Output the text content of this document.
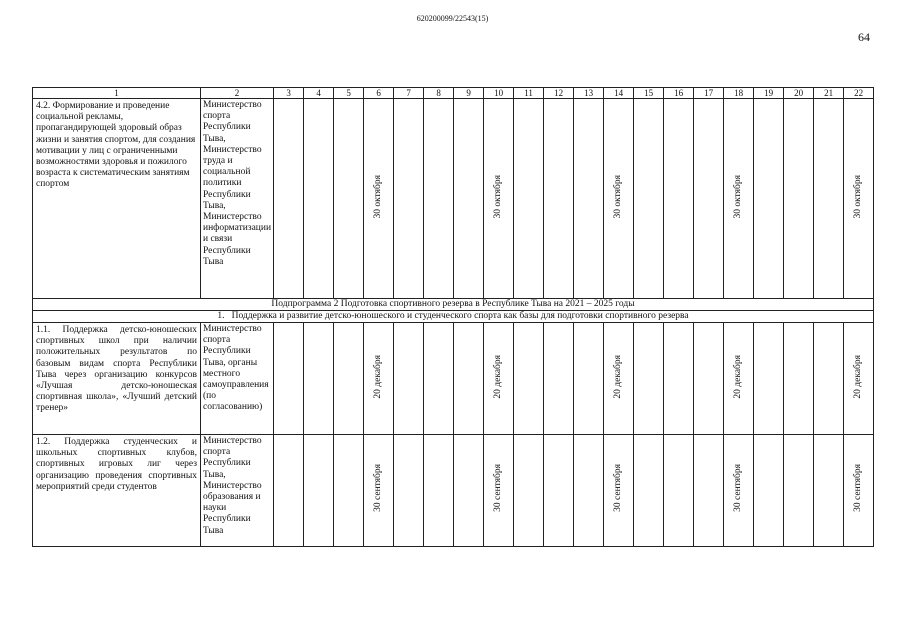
620200099/22543(15)
64
1	2	3	4	5	6	7	8	9	10	11	12	13	14	15	16	17	18	19	20	21	22
4.2. Формирование и проведение социальной рекламы, пропагандирующей здоровый образ жизни и занятия спортом, для создания мотивации у лиц с ограниченными возможностями здоровья и пожилого возраста к систематическим занятиям спортом	Министерство спорта Республики Тыва, Министерство труда и социальной политики Республики Тыва, Министерство информатизации и связи Республики Тыва				30 октября				30 октября				30 октября				30 октября				30 октября
Подпрограмма 2 Подготовка спортивного резерва в Республике Тыва на 2021 – 2025 годы																					
1.   Поддержка и развитие детско-юношеского и студенческого спорта как базы для подготовки спортивного резерва																					
1.1. Поддержка детско-юношеских спортивных школ при наличии положительных результатов по базовым видам спорта Республики Тыва через организацию конкурсов «Лучшая детско-юношеская спортивная школа», «Лучший детский тренер»	Министерство спорта Республики Тыва, органы местного самоуправления (по согласованию)				20 декабря				20 декабря				20 декабря				20 декабря				20 декабря
1.2. Поддержка студенческих и школьных спортивных клубов, спортивных игровых лиг через организацию проведения спортивных мероприятий среди студентов	Министерство спорта Республики Тыва, Министерство образования и науки Республики Тыва				30 сентября				30 сентября				30 сентября				30 сентября				30 сентября
